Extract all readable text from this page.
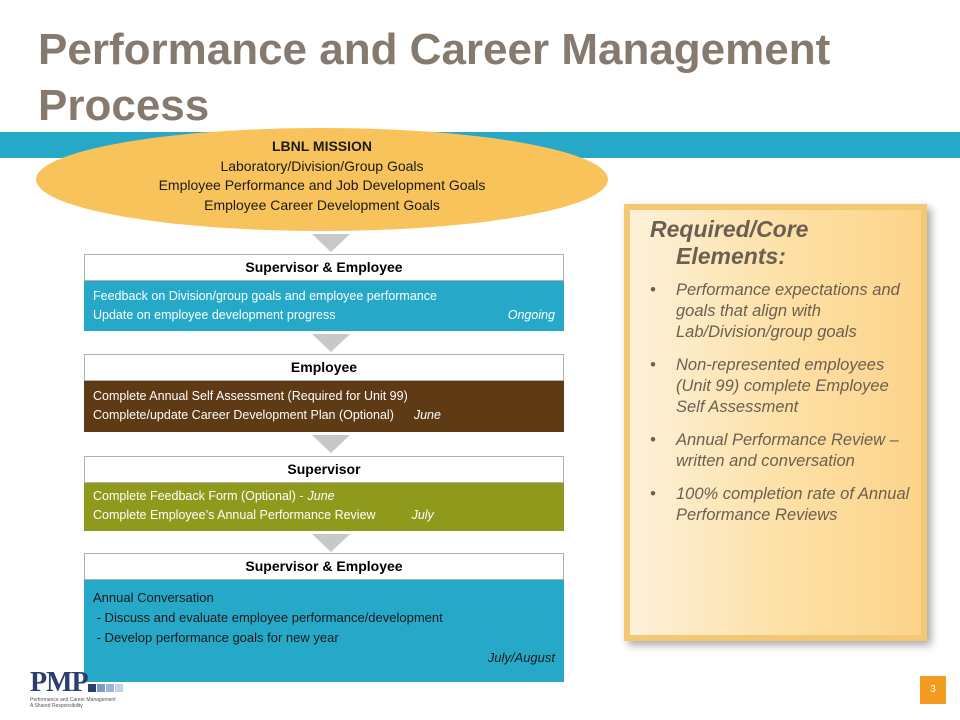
Performance and Career Management Process
LBNL MISSION
Laboratory/Division/Group Goals
Employee Performance and Job Development Goals
Employee Career Development Goals
Supervisor & Employee
Feedback on Division/group goals and employee performance
Update on employee development progress	Ongoing
Employee
Complete Annual Self Assessment (Required for Unit 99)
Complete/update Career Development Plan (Optional) June
Supervisor
Complete Feedback Form (Optional) - June
Complete Employee’s Annual Performance Review	July
Supervisor & Employee
Annual Conversation
- Discuss and evaluate employee performance/development
- Develop performance goals for new year
July/August
Required/Core
Elements:
• Performance expectations and goals that align with Lab/Division/group goals
• Non-represented employees (Unit 99) complete Employee Self Assessment
• Annual Performance Review – written and conversation
• 100% completion rate of Annual Performance Reviews
PMP
Performance and Career Management
A Shared Responsibility
3
